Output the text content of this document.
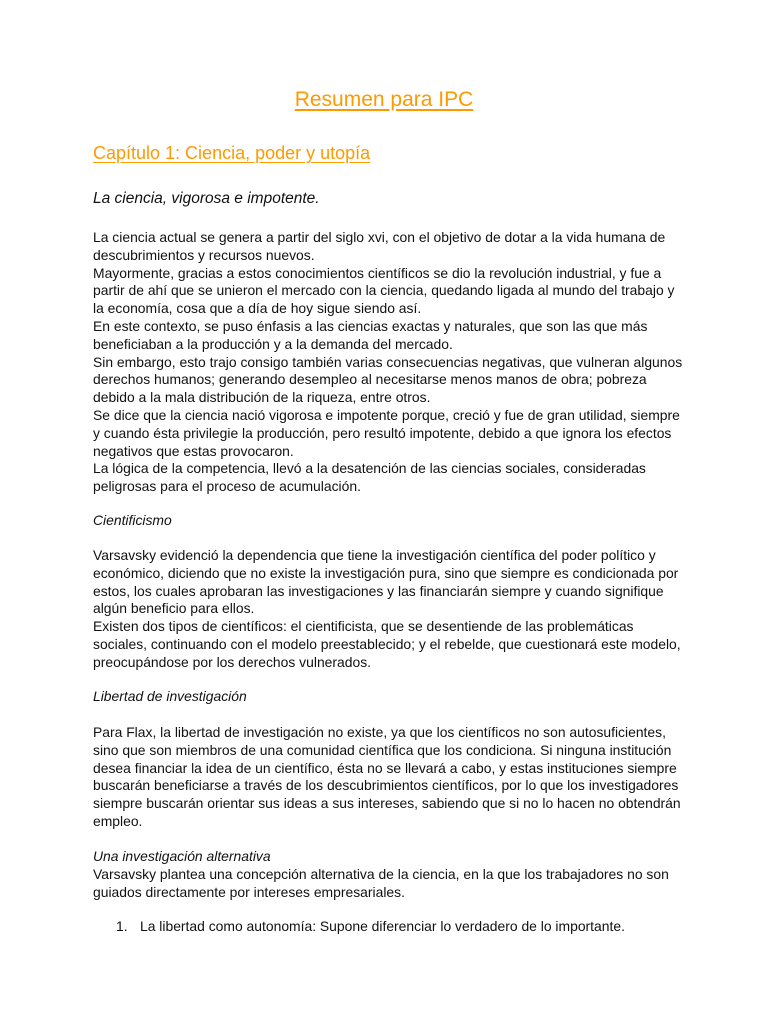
Resumen para IPC
Capítulo 1: Ciencia, poder y utopía
La ciencia, vigorosa e impotente.

La ciencia actual se genera a partir del siglo xvi, con el objetivo de dotar a la vida humana de descubrimientos y recursos nuevos.

Mayormente, gracias a estos conocimientos científicos se dio la revolución industrial, y fue a partir de ahí que se unieron el mercado con la ciencia, quedando ligada al mundo del trabajo y la economía, cosa que a día de hoy sigue siendo así.

En este contexto, se puso énfasis a las ciencias exactas y naturales, que son las que más beneficiaban a la producción y a la demanda del mercado.

Sin embargo, esto trajo consigo también varias consecuencias negativas, que vulneran algunos derechos humanos; generando desempleo al necesitarse menos manos de obra; pobreza debido a la mala distribución de la riqueza, entre otros.

Se dice que la ciencia nació vigorosa e impotente porque, creció y fue de gran utilidad, siempre y cuando ésta privilegie la producción, pero resultó impotente, debido a que ignora los efectos negativos que estas provocaron.

La lógica de la competencia, llevó a la desatención de las ciencias sociales, consideradas peligrosas para el proceso de acumulación.

Cientificismo

Varsavsky evidenció la dependencia que tiene la investigación científica del poder político y económico, diciendo que no existe la investigación pura, sino que siempre es condicionada por estos, los cuales aprobaran las investigaciones y las financiarán siempre y cuando signifique algún beneficio para ellos.

Existen dos tipos de científicos: el cientificista, que se desentiende de las problemáticas sociales, continuando con el modelo preestablecido; y el rebelde, que cuestionará este modelo, preocupándose por los derechos vulnerados.

Libertad de investigación

Para Flax, la libertad de investigación no existe, ya que los científicos no son autosuficientes, sino que son miembros de una comunidad científica que los condiciona. Si ninguna institución desea financiar la idea de un científico, ésta no se llevará a cabo, y estas instituciones siempre buscarán beneficiarse a través de los descubrimientos científicos, por lo que los investigadores siempre buscarán orientar sus ideas a sus intereses, sabiendo que si no lo hacen no obtendrán empleo.

Una investigación alternativa

Varsavsky plantea una concepción alternativa de la ciencia, en la que los trabajadores no son guiados directamente por intereses empresariales.

1. La libertad como autonomía: Supone diferenciar lo verdadero de lo importante.
